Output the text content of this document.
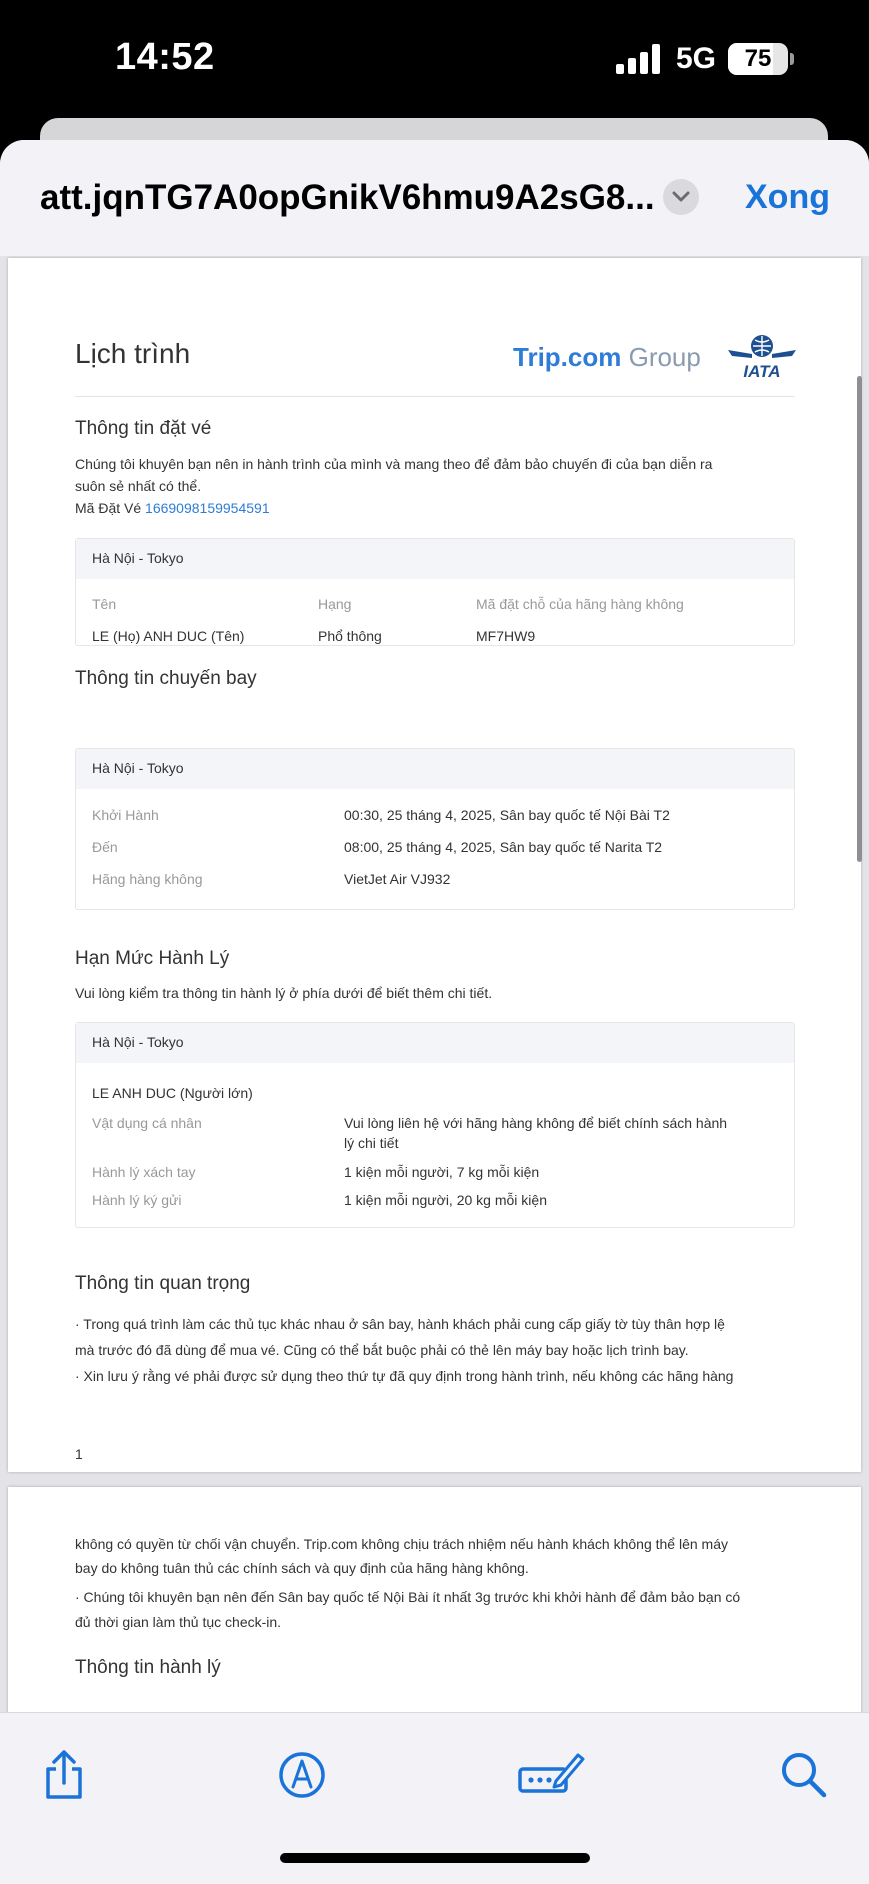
14:52	5G 75
att.jqnTG7A0opGnikV6hmu9A2sG8...	Xong
Lịch trình	Trip.com Group	IATA
Thông tin đặt vé
Chúng tôi khuyên bạn nên in hành trình của mình và mang theo để đảm bảo chuyến đi của bạn diễn ra
suôn sẻ nhất có thể.
Mã Đặt Vé 1669098159954591
Hà Nội - Tokyo
Tên	Hạng	Mã đặt chỗ của hãng hàng không
LE (Họ) ANH DUC (Tên)	Phổ thông	MF7HW9
Thông tin chuyến bay
Hà Nội - Tokyo
Khởi Hành	00:30, 25 tháng 4, 2025, Sân bay quốc tế Nội Bài T2
Đến	08:00, 25 tháng 4, 2025, Sân bay quốc tế Narita T2
Hãng hàng không	VietJet Air VJ932
Hạn Mức Hành Lý
Vui lòng kiểm tra thông tin hành lý ở phía dưới để biết thêm chi tiết.
Hà Nội - Tokyo
LE ANH DUC (Người lớn)
Vật dụng cá nhân	Vui lòng liên hệ với hãng hàng không để biết chính sách hành
lý chi tiết
Hành lý xách tay	1 kiện mỗi người, 7 kg mỗi kiện
Hành lý ký gửi	1 kiện mỗi người, 20 kg mỗi kiện
Thông tin quan trọng
· Trong quá trình làm các thủ tục khác nhau ở sân bay, hành khách phải cung cấp giấy tờ tùy thân hợp lệ
mà trước đó đã dùng để mua vé. Cũng có thể bắt buộc phải có thẻ lên máy bay hoặc lịch trình bay.
· Xin lưu ý rằng vé phải được sử dụng theo thứ tự đã quy định trong hành trình, nếu không các hãng hàng
1
không có quyền từ chối vận chuyển. Trip.com không chịu trách nhiệm nếu hành khách không thể lên máy
bay do không tuân thủ các chính sách và quy định của hãng hàng không.
· Chúng tôi khuyên bạn nên đến Sân bay quốc tế Nội Bài ít nhất 3g trước khi khởi hành để đảm bảo bạn có
đủ thời gian làm thủ tục check-in.
Thông tin hành lý
